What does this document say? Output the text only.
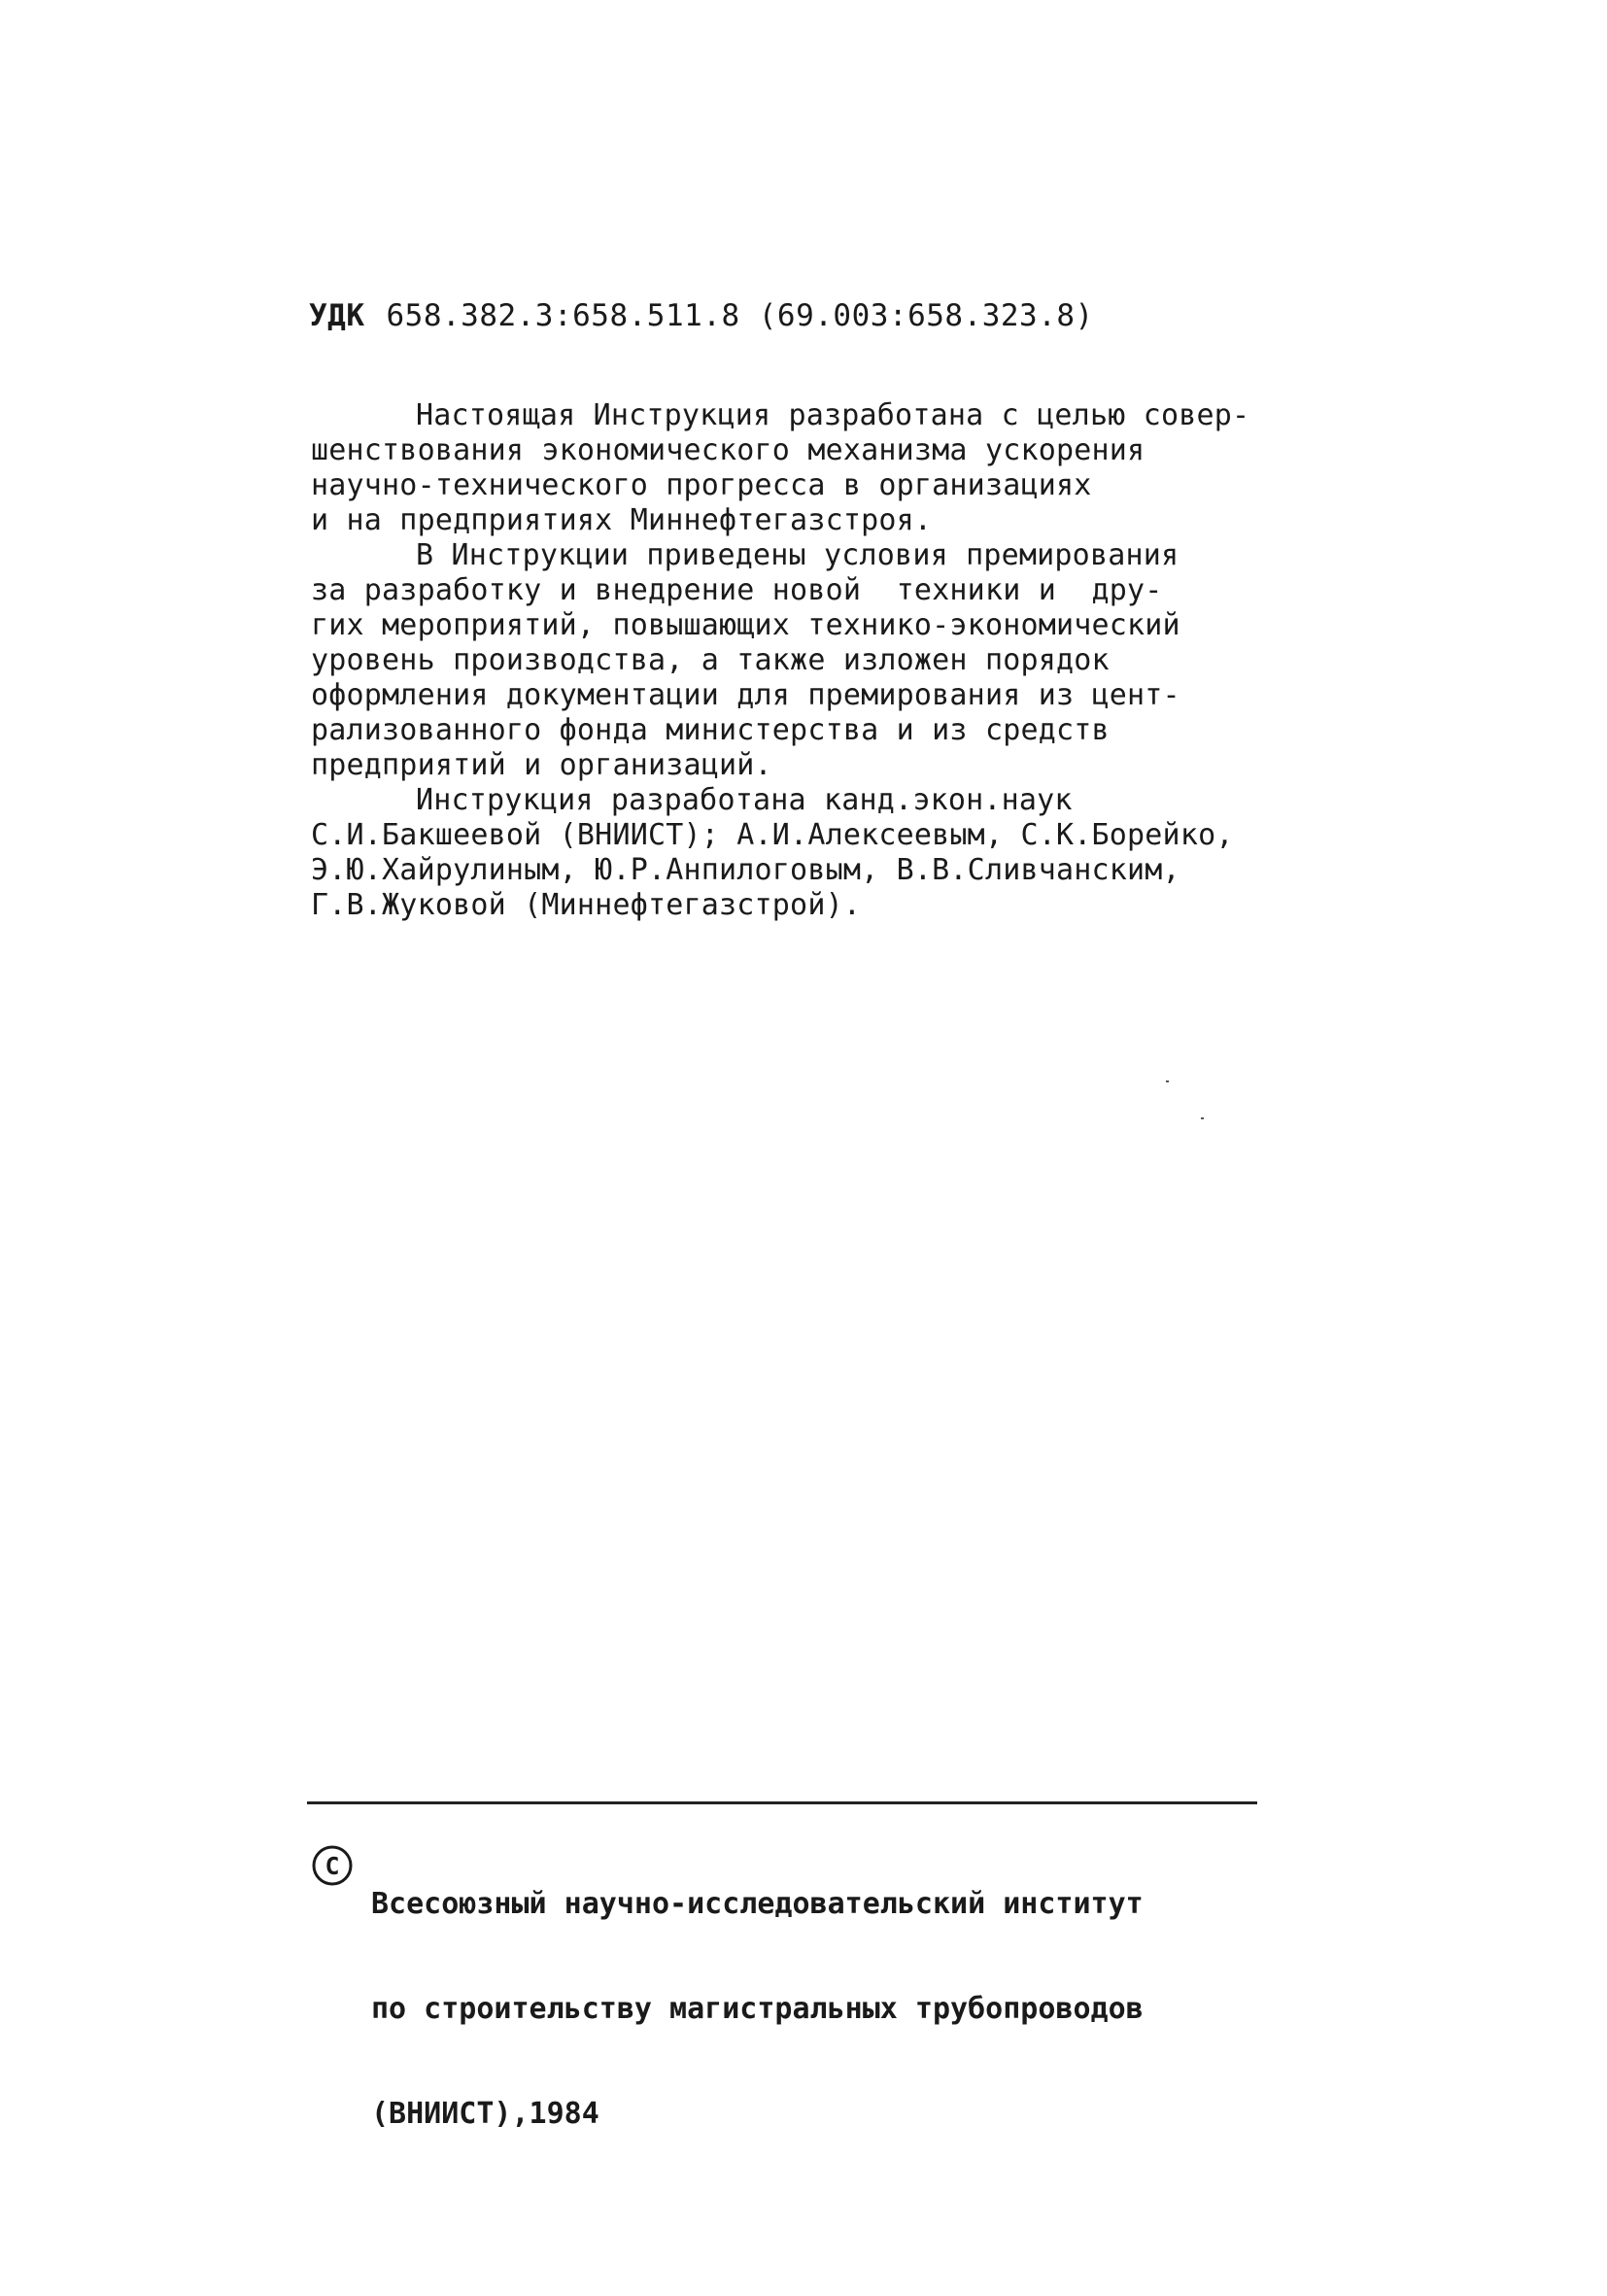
УДК 658.382.3:658.511.8 (69.003:658.323.8)
Настоящая Инструкция разработана с целью совер-
шенствования экономического механизма ускорения
научно-технического прогресса в организациях
и на предприятиях Миннефтегазстроя.
В Инструкции приведены условия премирования
за разработку и внедрение новой  техники и  дру-
гих мероприятий, повышающих технико-экономический
уровень производства, а также изложен порядок
оформления документации для премирования из цент-
рализованного фонда министерства и из средств
предприятий и организаций.
Инструкция разработана канд.экон.наук
С.И.Бакшеевой (ВНИИСТ); А.И.Алексеевым, С.К.Борейко,
Э.Ю.Хайрулиным, Ю.Р.Анпилоговым, В.В.Сливчанским,
Г.В.Жуковой (Миннефтегазстрой).
C

Всесоюзный научно-исследовательский институт

по строительству магистральных трубопроводов

(ВНИИСТ),1984
